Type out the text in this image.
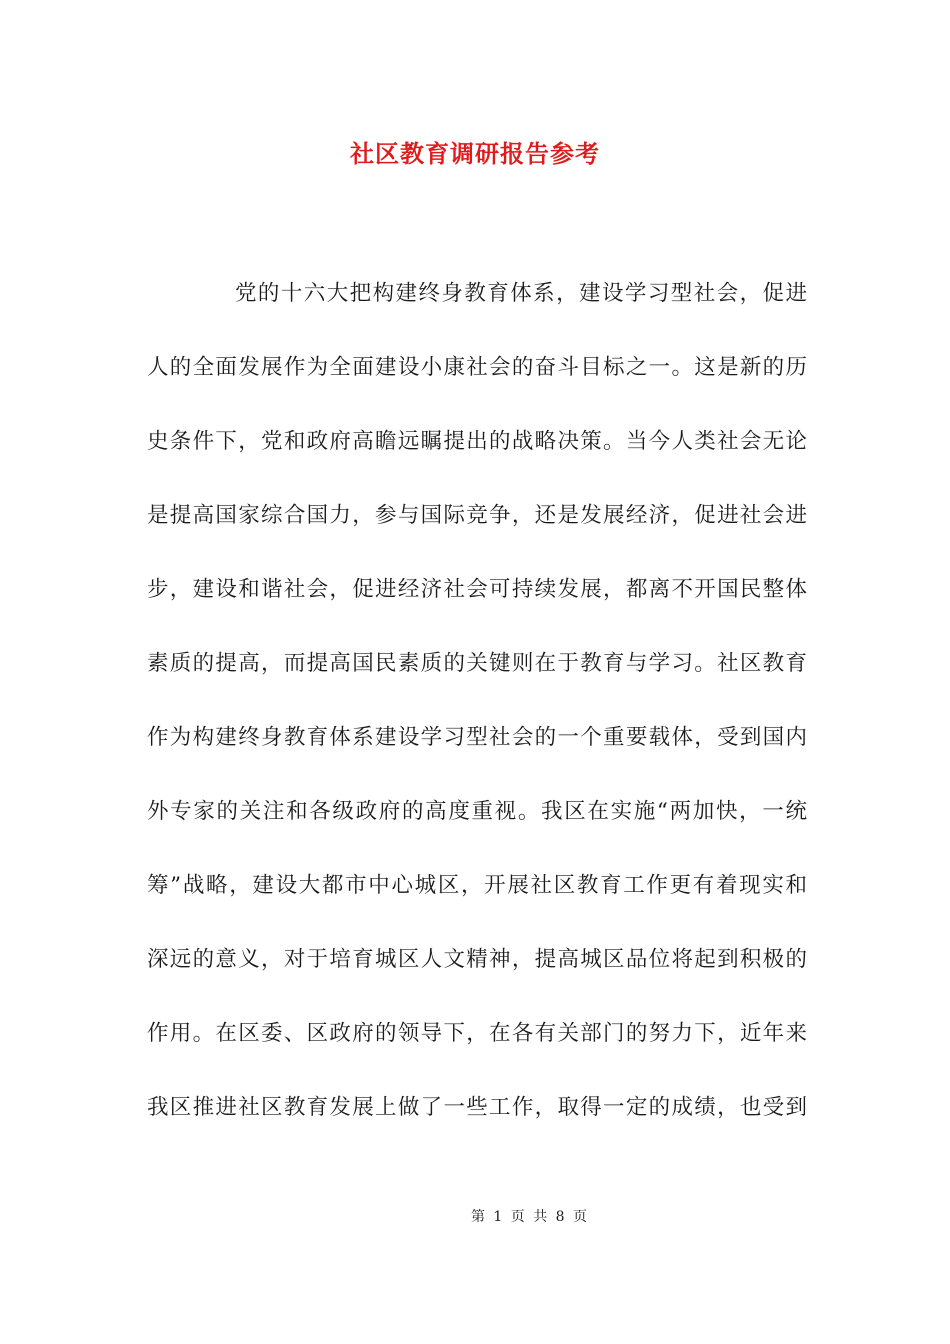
社区教育调研报告参考
党的十六大把构建终身教育体系，建设学习型社会，促进
人的全面发展作为全面建设小康社会的奋斗目标之一。这是新的历
史条件下，党和政府高瞻远瞩提出的战略决策。当今人类社会无论
是提高国家综合国力，参与国际竞争，还是发展经济，促进社会进
步，建设和谐社会，促进经济社会可持续发展，都离不开国民整体
素质的提高，而提高国民素质的关键则在于教育与学习。社区教育
作为构建终身教育体系建设学习型社会的一个重要载体，受到国内
外专家的关注和各级政府的高度重视。我区在实施“两加快，一统
筹”战略，建设大都市中心城区，开展社区教育工作更有着现实和
深远的意义，对于培育城区人文精神，提高城区品位将起到积极的
作用。在区委、区政府的领导下，在各有关部门的努力下，近年来
我区推进社区教育发展上做了一些工作，取得一定的成绩，也受到
第 1 页 共 8 页
